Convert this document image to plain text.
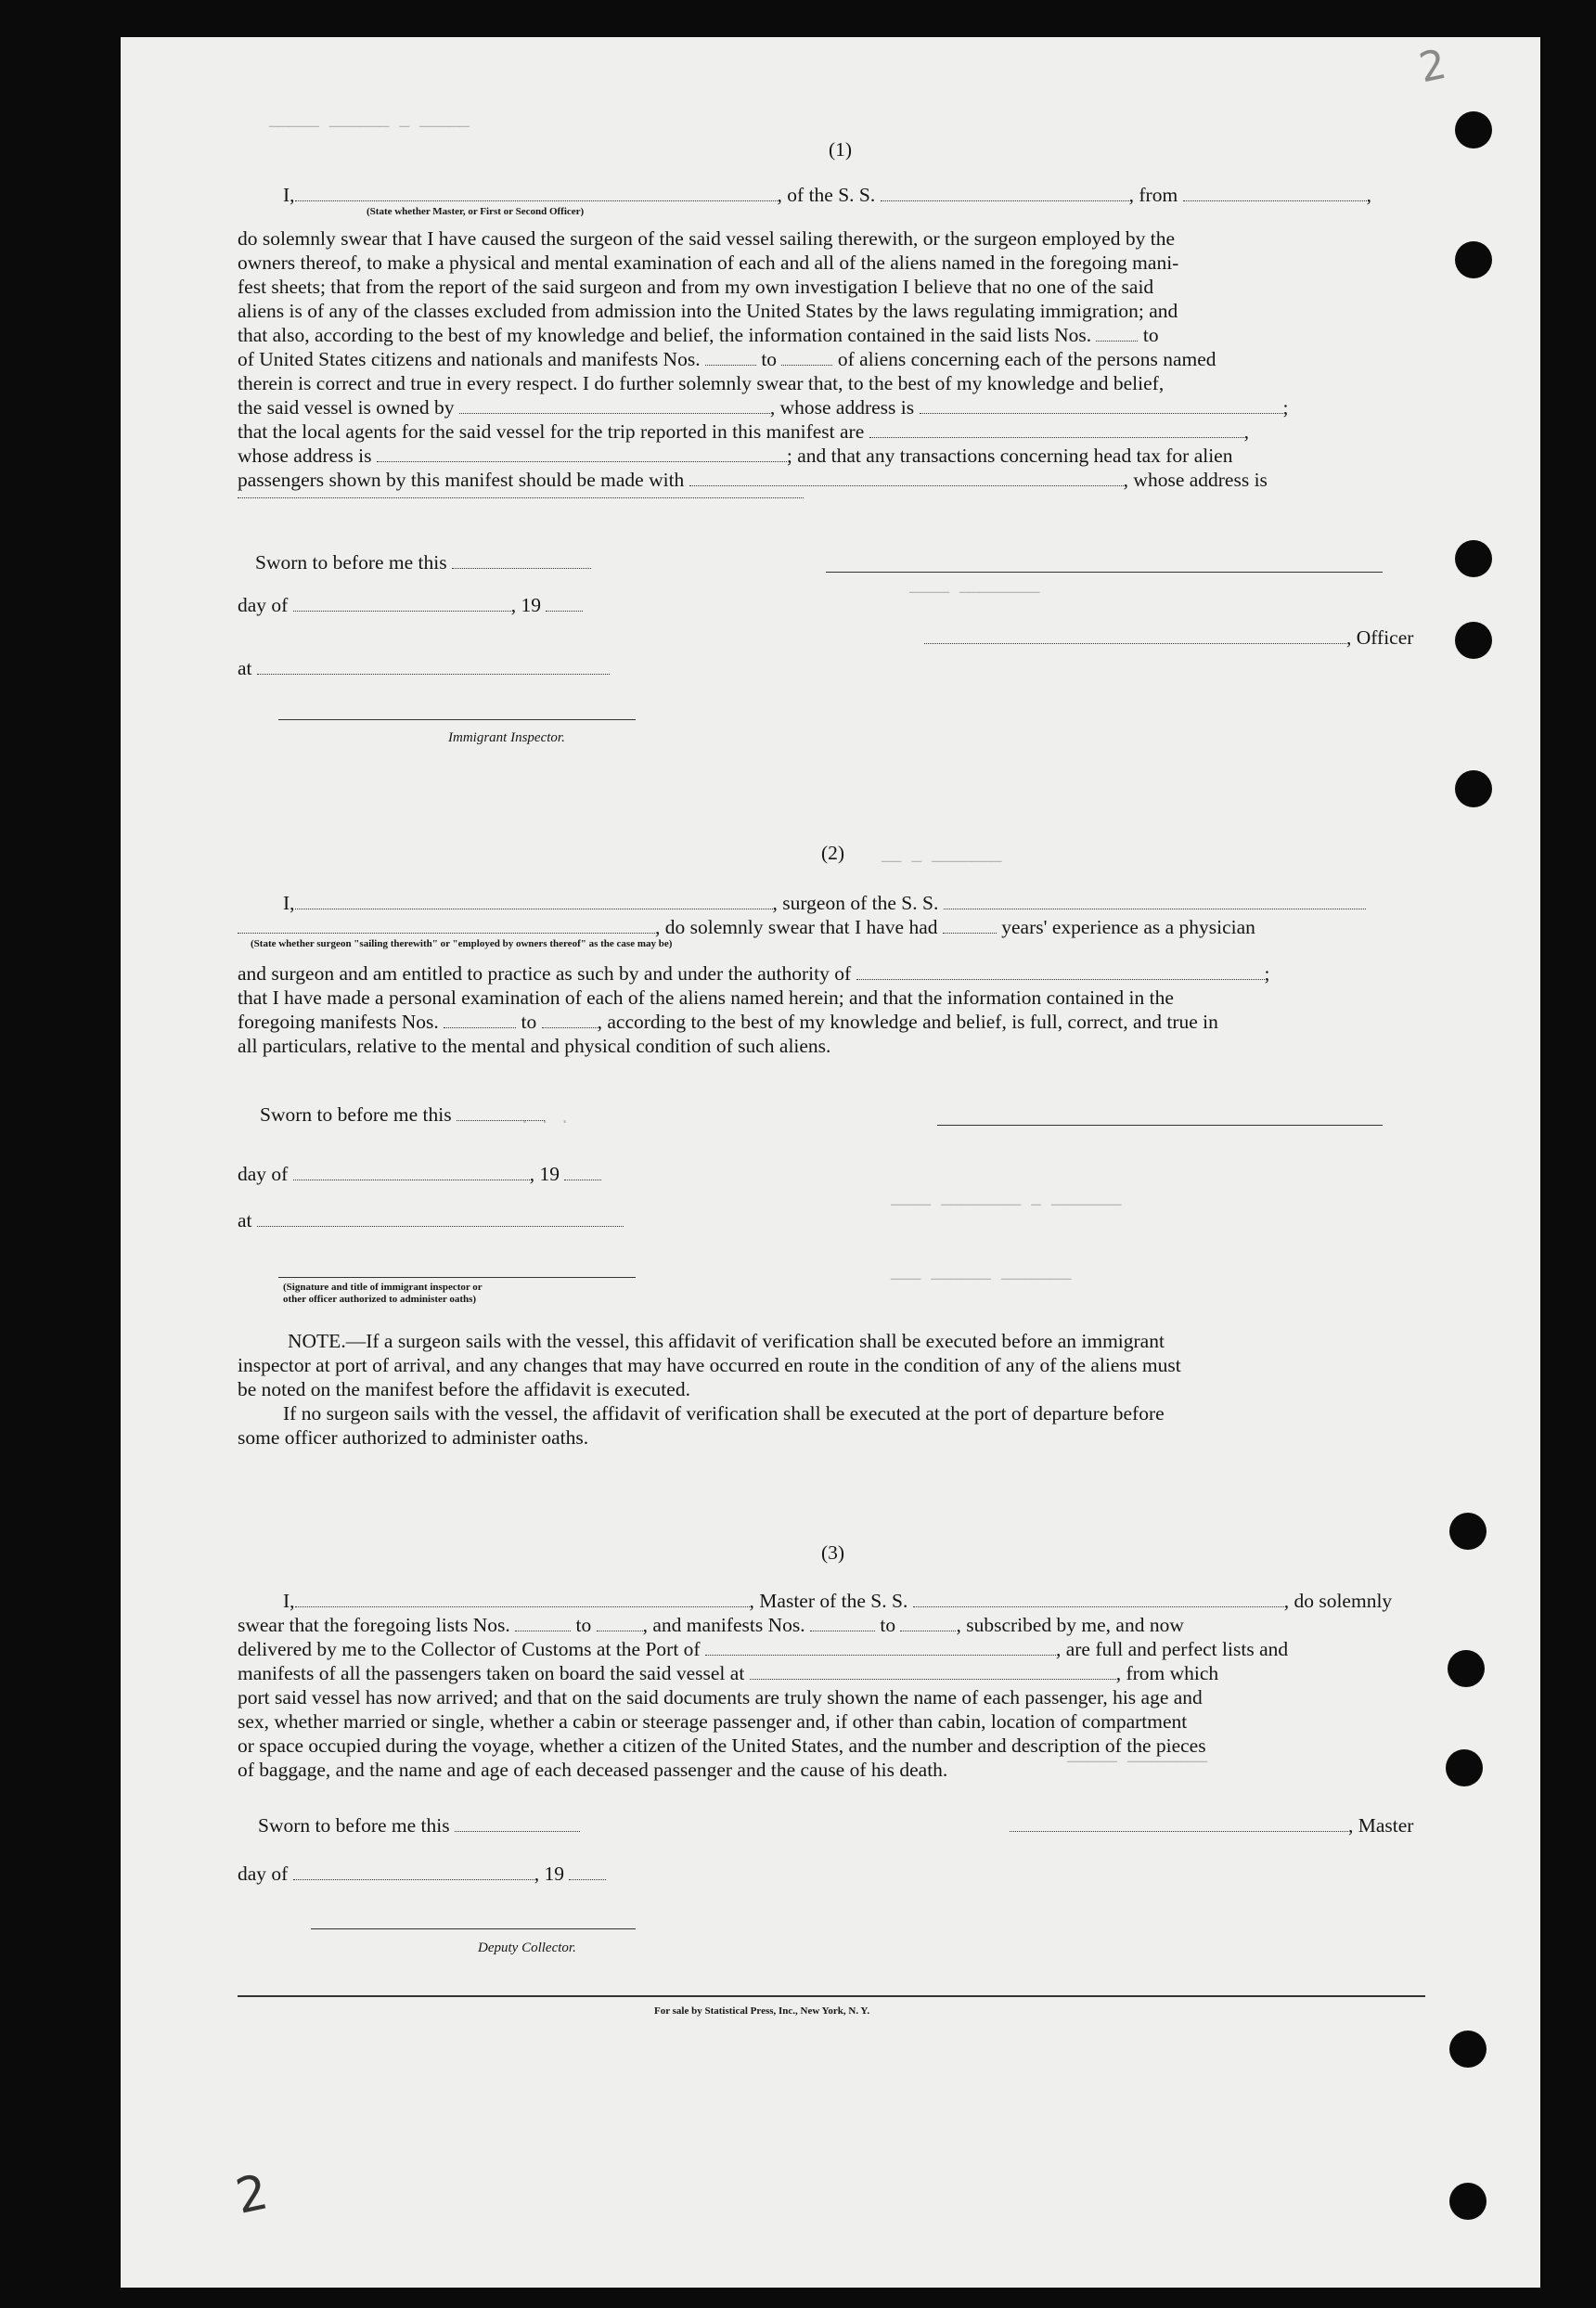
2
───── ─ ────── ─────
──────── ────
─────── ─ ──
─────── ─ ──────── ────
─────── ────── ───
──────── ─────
· · ·
(1)
I,	, of the S. S.	, from	,
(State whether Master, or First or Second Officer)
do solemnly swear that I have caused the surgeon of the said vessel sailing therewith, or the surgeon employed by the
owners thereof, to make a physical and mental examination of each and all of the aliens named in the foregoing mani-
fest sheets; that from the report of the said surgeon and from my own investigation I believe that no one of the said
aliens is of any of the classes excluded from admission into the United States by the laws regulating immigration; and
that also, according to the best of my knowledge and belief, the information contained in the said lists Nos.	to
of United States citizens and nationals and manifests Nos.	to	of aliens concerning each of the persons named
therein is correct and true in every respect. I do further solemnly swear that, to the best of my knowledge and belief,
the said vessel is owned by	, whose address is	;
that the local agents for the said vessel for the trip reported in this manifest are	,
whose address is	; and that any transactions concerning head tax for alien
passengers shown by this manifest should be made with	, whose address is
Sworn to before me this
day of	, 19
, Officer
at
Immigrant Inspector.
(2)
I,	, surgeon of the S. S.
, do solemnly swear that I have had	years' experience as a physician
(State whether surgeon "sailing therewith" or "employed by owners thereof" as the case may be)
and surgeon and am entitled to practice as such by and under the authority of	;
that I have made a personal examination of each of the aliens named herein; and that the information contained in the
foregoing manifests Nos.	to	, according to the best of my knowledge and belief, is full, correct, and true in
all particulars, relative to the mental and physical condition of such aliens.
Sworn to before me this
day of	, 19
at
(Signature and title of immigrant inspector or
other officer authorized to administer oaths)
NOTE.—If a surgeon sails with the vessel, this affidavit of verification shall be executed before an immigrant
inspector at port of arrival, and any changes that may have occurred en route in the condition of any of the aliens must
be noted on the manifest before the affidavit is executed.
If no surgeon sails with the vessel, the affidavit of verification shall be executed at the port of departure before
some officer authorized to administer oaths.
(3)
I,	, Master of the S. S.	, do solemnly
swear that the foregoing lists Nos.	to	, and manifests Nos.	to	, subscribed by me, and now
delivered by me to the Collector of Customs at the Port of	, are full and perfect lists and
manifests of all the passengers taken on board the said vessel at	, from which
port said vessel has now arrived; and that on the said documents are truly shown the name of each passenger, his age and
sex, whether married or single, whether a cabin or steerage passenger and, if other than cabin, location of compartment
or space occupied during the voyage, whether a citizen of the United States, and the number and description of the pieces
of baggage, and the name and age of each deceased passenger and the cause of his death.
Sworn to before me this	, Master
day of	, 19
Deputy Collector.
For sale by Statistical Press, Inc., New York, N. Y.
2
